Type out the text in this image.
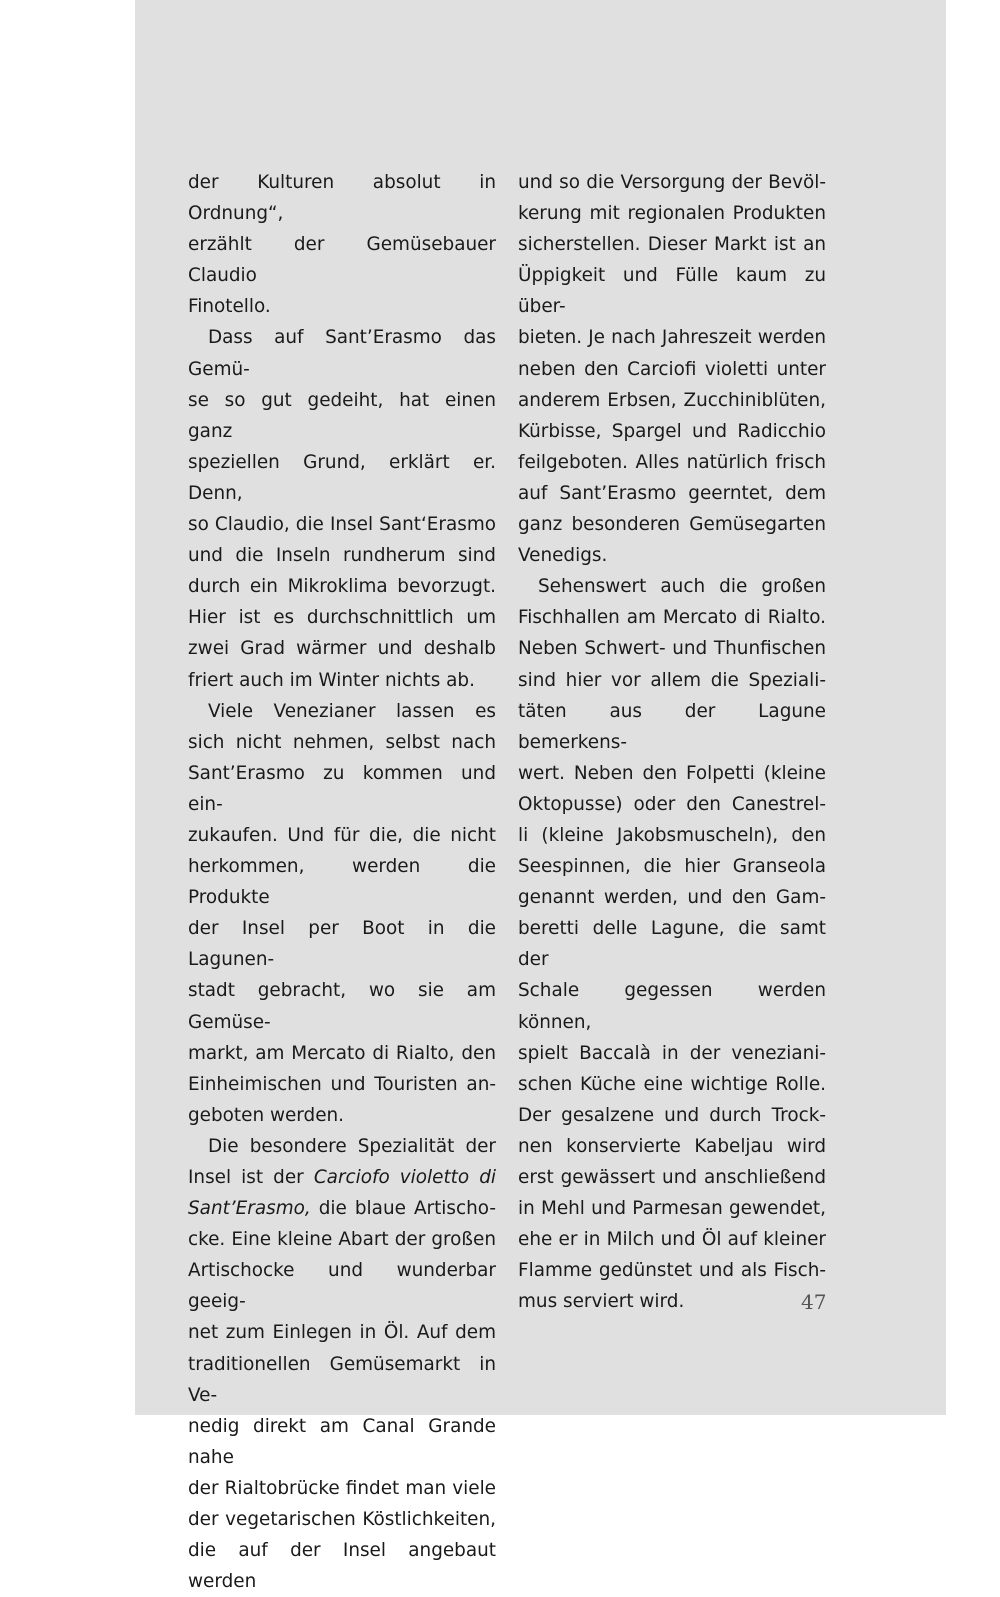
der Kulturen absolut in Ordnung“,

erzählt der Gemüsebauer Claudio

Finotello.

Dass auf Sant’Erasmo das Gemü-

se so gut gedeiht, hat einen ganz

speziellen Grund, erklärt er. Denn,

so Claudio, die Insel Sant‘Erasmo

und die Inseln rundherum sind

durch ein Mikroklima bevorzugt.

Hier ist es durchschnittlich um

zwei Grad wärmer und deshalb

friert auch im Winter nichts ab.

Viele Venezianer lassen es

sich nicht nehmen, selbst nach

Sant’Erasmo zu kommen und ein-

zukaufen. Und für die, die nicht

herkommen, werden die Produkte

der Insel per Boot in die Lagunen-

stadt gebracht, wo sie am Gemüse-

markt, am Mercato di Rialto, den

Einheimischen und Touristen an-

geboten werden.

Die besondere Spezialität der

Insel ist der Carciofo violetto di

Sant’Erasmo, die blaue Artischo-

cke. Eine kleine Abart der großen

Artischocke und wunderbar geeig-

net zum Einlegen in Öl. Auf dem

traditionellen Gemüsemarkt in Ve-

nedig direkt am Canal Grande nahe

der Rialtobrücke findet man viele

der vegetarischen Köstlichkeiten,

die auf der Insel angebaut werden

und so die Versorgung der Bevöl-

kerung mit regionalen Produkten

sicherstellen. Dieser Markt ist an

Üppigkeit und Fülle kaum zu über-

bieten. Je nach Jahreszeit werden

neben den Carciofi violetti unter

anderem Erbsen, Zucchiniblüten,

Kürbisse, Spargel und Radicchio

feilgeboten. Alles natürlich frisch

auf Sant’Erasmo geerntet, dem

ganz besonderen Gemüsegarten

Venedigs.

Sehenswert auch die großen

Fischhallen am Mercato di Rialto.

Neben Schwert- und Thunfischen

sind hier vor allem die Speziali-

täten aus der Lagune bemerkens-

wert. Neben den Folpetti (kleine

Oktopusse) oder den Canestrel-

li (kleine Jakobsmuscheln), den

Seespinnen, die hier Granseola

genannt werden, und den Gam-

beretti delle Lagune, die samt der

Schale gegessen werden können,

spielt Baccalà in der veneziani-

schen Küche eine wichtige Rolle.

Der gesalzene und durch Trock-

nen konservierte Kabeljau wird

erst gewässert und anschließend

in Mehl und Parmesan gewendet,

ehe er in Milch und Öl auf kleiner

Flamme gedünstet und als Fisch-

mus serviert wird.	47
